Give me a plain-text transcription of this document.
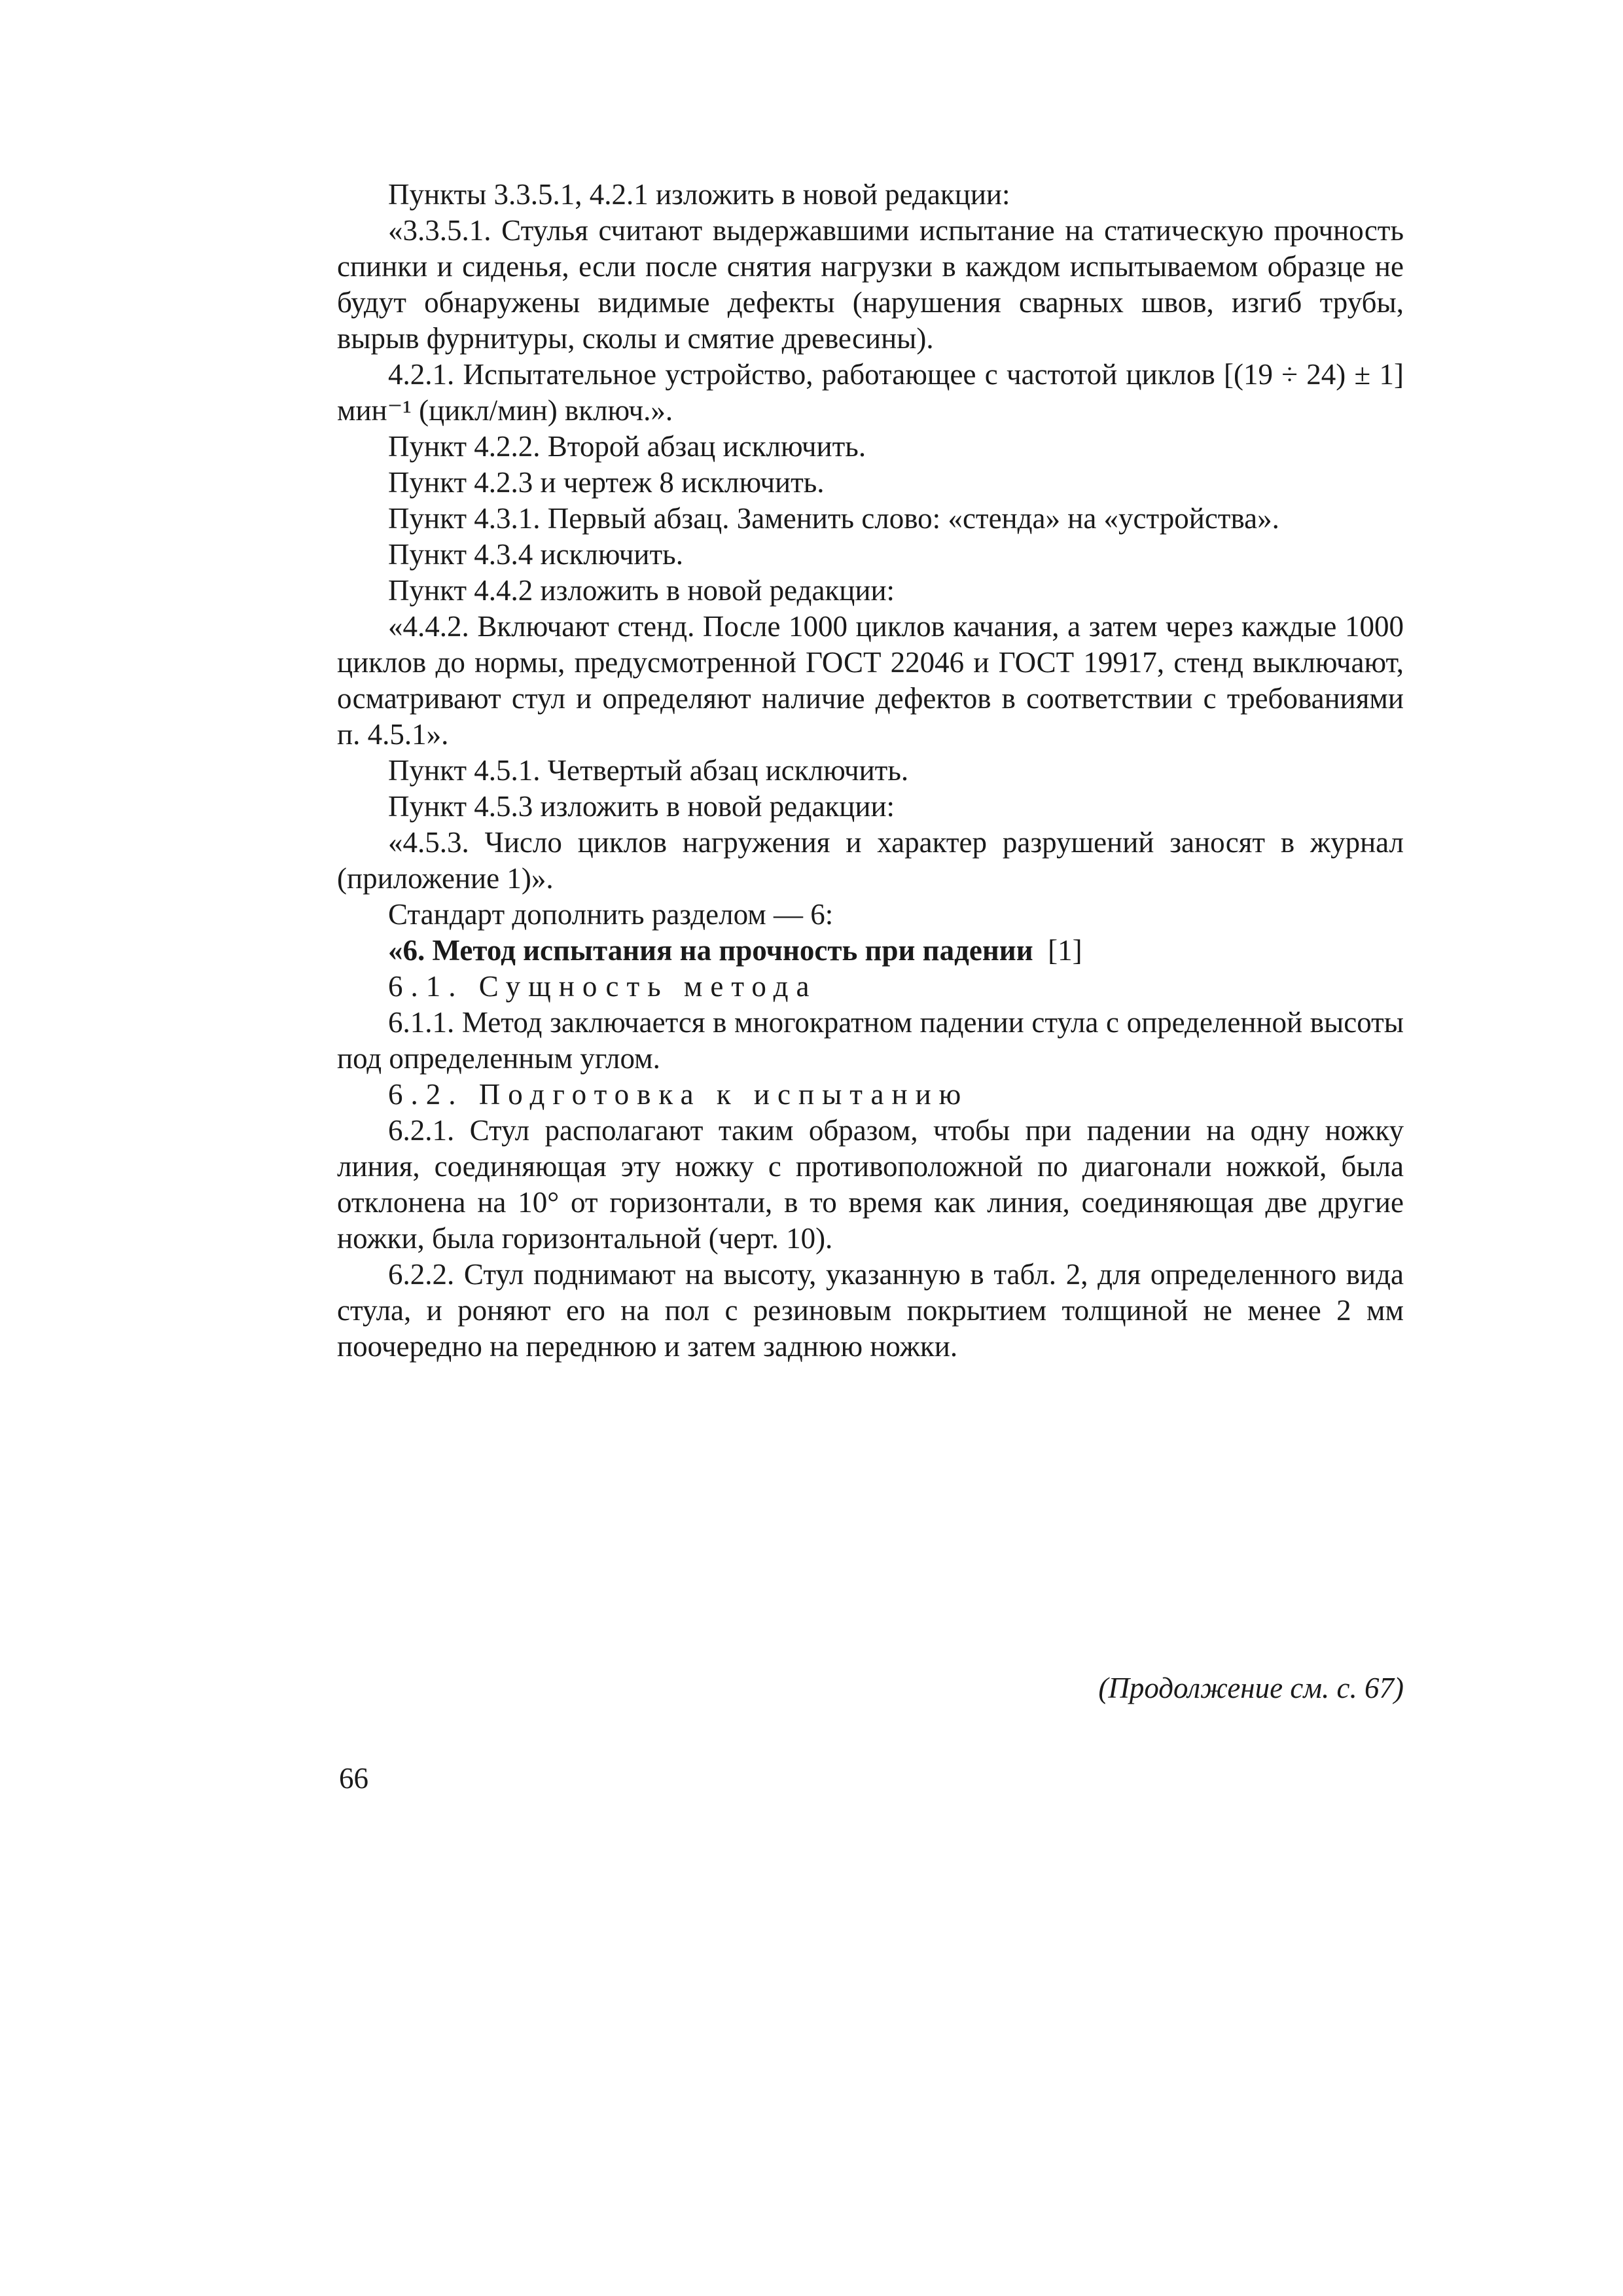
Пункты 3.3.5.1, 4.2.1 изложить в новой редакции:

«3.3.5.1. Стулья считают выдержавшими испытание на статическую прочность спинки и сиденья, если после снятия нагрузки в каждом испытываемом образце не будут обнаружены видимые дефекты (нарушения сварных швов, изгиб трубы, вырыв фурнитуры, сколы и смятие древесины).

4.2.1. Испытательное устройство, работающее с частотой циклов [(19 ÷ 24) ± 1] мин⁻¹ (цикл/мин) включ.».

Пункт 4.2.2. Второй абзац исключить.

Пункт 4.2.3 и чертеж 8 исключить.

Пункт 4.3.1. Первый абзац. Заменить слово: «стенда» на «устройства».

Пункт 4.3.4 исключить.

Пункт 4.4.2 изложить в новой редакции:

«4.4.2. Включают стенд. После 1000 циклов качания, а затем через каждые 1000 циклов до нормы, предусмотренной ГОСТ 22046 и ГОСТ 19917, стенд выключают, осматривают стул и определяют наличие дефектов в соответствии с требованиями п. 4.5.1».

Пункт 4.5.1. Четвертый абзац исключить.

Пункт 4.5.3 изложить в новой редакции:

«4.5.3. Число циклов нагружения и характер разрушений заносят в журнал (приложение 1)».

Стандарт дополнить разделом — 6:

«6. Метод испытания на прочность при падении [1]

6.1. Сущность метода

6.1.1. Метод заключается в многократном падении стула с определенной высоты под определенным углом.

6.2. Подготовка к испытанию

6.2.1. Стул располагают таким образом, чтобы при падении на одну ножку линия, соединяющая эту ножку с противоположной по диагонали ножкой, была отклонена на 10° от горизонтали, в то время как линия, соединяющая две другие ножки, была горизонтальной (черт. 10).

6.2.2. Стул поднимают на высоту, указанную в табл. 2, для определенного вида стула, и роняют его на пол с резиновым покрытием толщиной не менее 2 мм поочередно на переднюю и затем заднюю ножки.

(Продолжение см. с. 67)
66
